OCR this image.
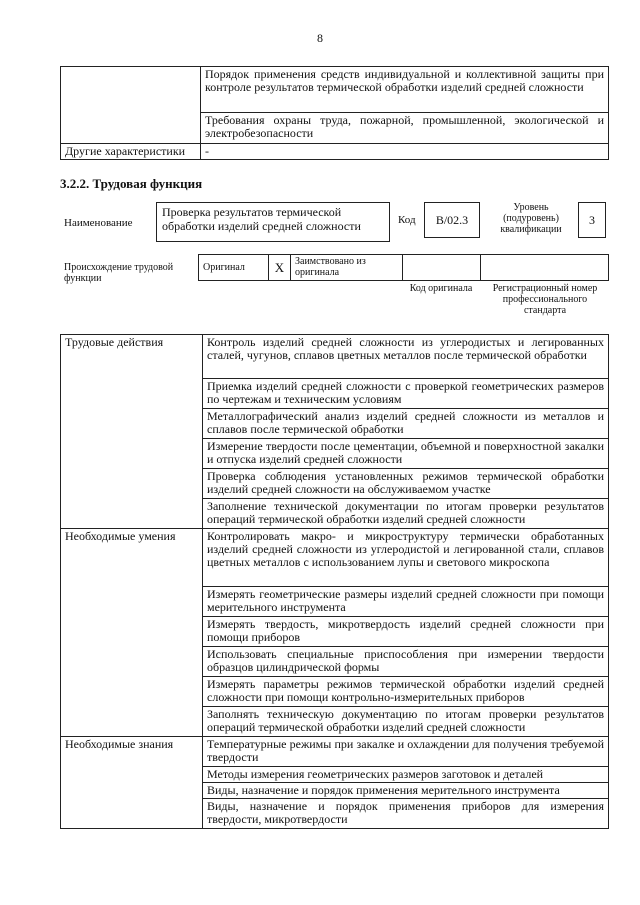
8
	Порядок применения средств индивидуальной и коллективной защиты при контроле результатов термической обработки изделий средней сложности
	Требования охраны труда, пожарной, промышленной, экологической и электробезопасности
Другие характеристики	-
3.2.2. Трудовая функция
Наименование
Проверка результатов термической обработки изделий средней сложности	Код	B/02.3
Уровень (подуровень) квалификации
3
Происхождение трудовой функции
Оригинал	X	Заимствовано из оригинала		
Код оригинала	Регистрационный номер профессионального стандарта
Трудовые действия	Контроль изделий средней сложности из углеродистых и легированных сталей, чугунов, сплавов цветных металлов после термической обработки
	Приемка изделий средней сложности с проверкой геометрических размеров по чертежам и техническим условиям
	Металлографический анализ изделий средней сложности из металлов и сплавов после термической обработки
	Измерение твердости после цементации, объемной и поверхностной закалки и отпуска изделий средней сложности
	Проверка соблюдения установленных режимов термической обработки изделий средней сложности на обслуживаемом участке
	Заполнение технической документации по итогам проверки результатов операций термической обработки изделий средней сложности
Необходимые умения	Контролировать макро- и микроструктуру термически обработанных изделий средней сложности из углеродистой и легированной стали, сплавов цветных металлов с использованием лупы и светового микроскопа
	Измерять геометрические размеры изделий средней сложности при помощи мерительного инструмента
	Измерять твердость, микротвердость изделий средней сложности при помощи приборов
	Использовать специальные приспособления при измерении твердости образцов цилиндрической формы
	Измерять параметры режимов термической обработки изделий средней сложности при помощи контрольно-измерительных приборов
	Заполнять техническую документацию по итогам проверки результатов операций термической обработки изделий средней сложности
Необходимые знания	Температурные режимы при закалке и охлаждении для получения требуемой твердости
	Методы измерения геометрических размеров заготовок и деталей
	Виды, назначение и порядок применения мерительного инструмента
	Виды, назначение и порядок применения приборов для измерения твердости, микротвердости
